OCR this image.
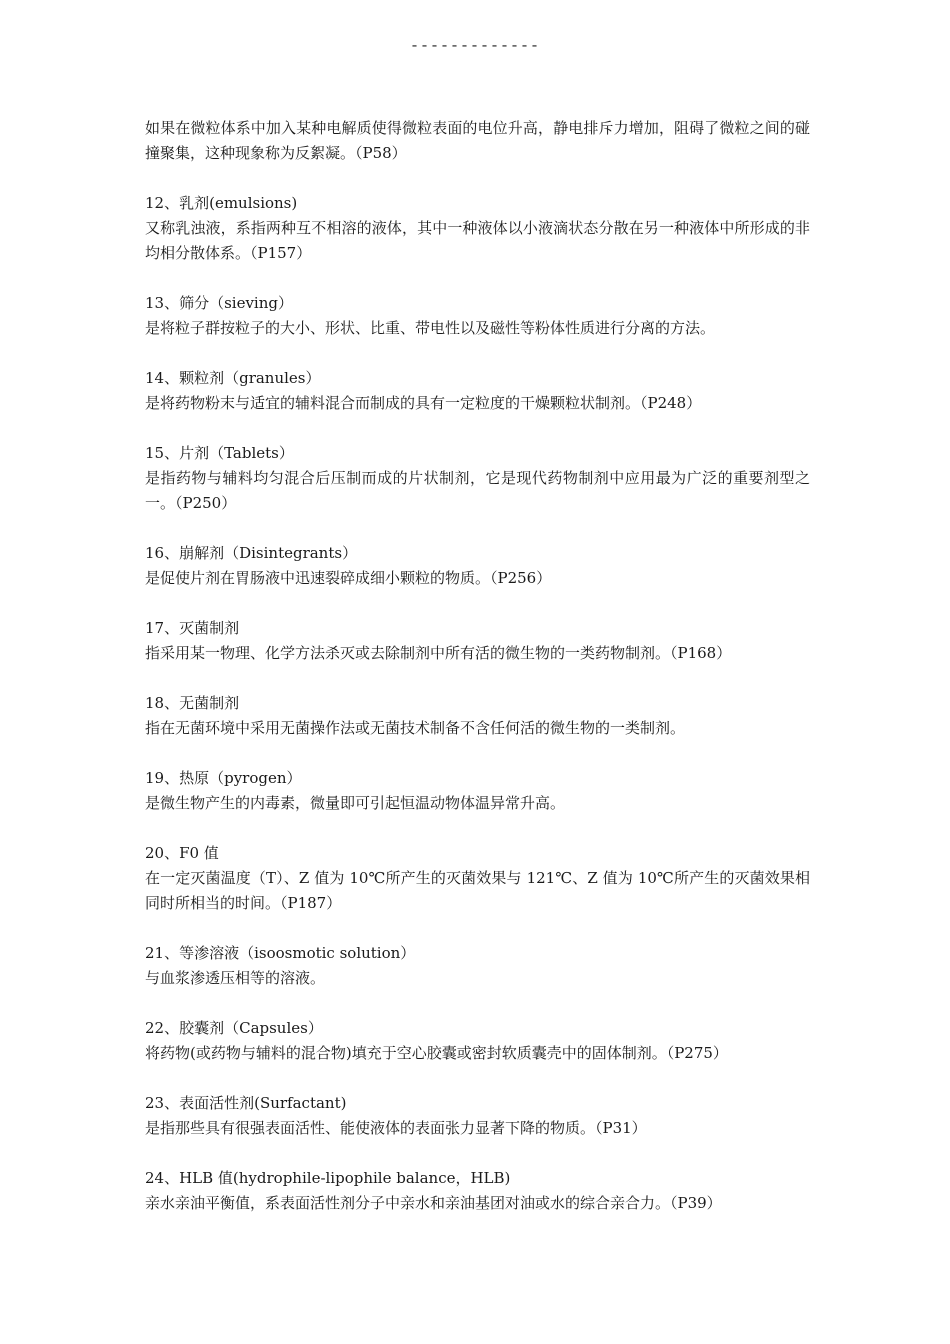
-------------

如果在微粒体系中加入某种电解质使得微粒表面的电位升高，静电排斥力增加，阻碍了微粒之间的碰撞聚集，这种现象称为反絮凝。（P58）

12、乳剂(emulsions)

又称乳浊液，系指两种互不相溶的液体，其中一种液体以小液滴状态分散在另一种液体中所形成的非均相分散体系。（P157）

13、筛分（sieving）

是将粒子群按粒子的大小、形状、比重、带电性以及磁性等粉体性质进行分离的方法。

14、颗粒剂（granules）

是将药物粉末与适宜的辅料混合而制成的具有一定粒度的干燥颗粒状制剂。（P248）

15、片剂（Tablets）

是指药物与辅料均匀混合后压制而成的片状制剂，它是现代药物制剂中应用最为广泛的重要剂型之一。（P250）

16、崩解剂（Disintegrants）

是促使片剂在胃肠液中迅速裂碎成细小颗粒的物质。（P256）

17、灭菌制剂

指采用某一物理、化学方法杀灭或去除制剂中所有活的微生物的一类药物制剂。（P168）

18、无菌制剂

指在无菌环境中采用无菌操作法或无菌技术制备不含任何活的微生物的一类制剂。

19、热原（pyrogen）

是微生物产生的内毒素，微量即可引起恒温动物体温异常升高。

20、F0 值

在一定灭菌温度（T）、Z 值为 10℃所产生的灭菌效果与 121℃、Z 值为 10℃所产生的灭菌效果相同时所相当的时间。（P187）

21、等渗溶液（isoosmotic solution）

与血浆渗透压相等的溶液。

22、胶囊剂（Capsules）

将药物(或药物与辅料的混合物)填充于空心胶囊或密封软质囊壳中的固体制剂。（P275）

23、表面活性剂(Surfactant)

是指那些具有很强表面活性、能使液体的表面张力显著下降的物质。（P31）

24、HLB 值(hydrophile-lipophile balance，HLB)

亲水亲油平衡值，系表面活性剂分子中亲水和亲油基团对油或水的综合亲合力。（P39）
